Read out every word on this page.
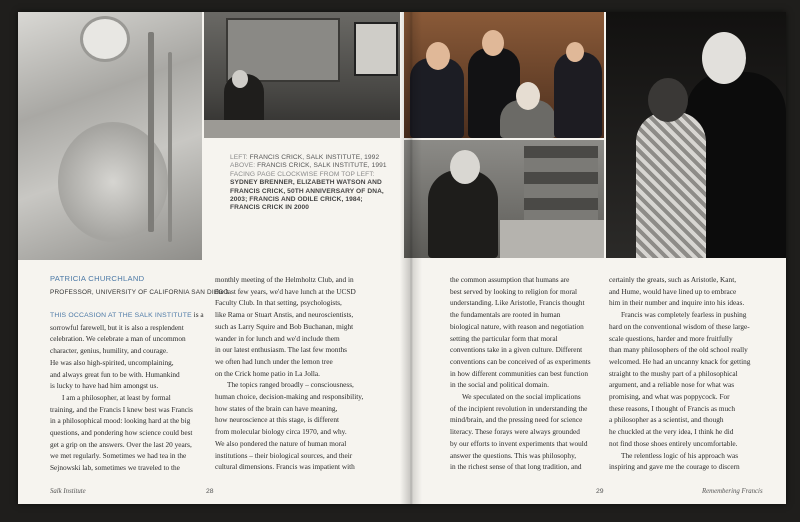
LEFT: FRANCIS CRICK, SALK INSTITUTE, 1992
ABOVE: FRANCIS CRICK, SALK INSTITUTE, 1991
FACING PAGE CLOCKWISE FROM TOP LEFT:
SYDNEY BRENNER, ELIZABETH WATSON AND
FRANCIS CRICK, 50TH ANNIVERSARY OF DNA,
2003; FRANCIS AND ODILE CRICK, 1984;
FRANCIS CRICK IN 2000
PATRICIA CHURCHLAND
PROFESSOR, UNIVERSITY OF CALIFORNIA SAN DIEGO

THIS OCCASION AT THE SALK INSTITUTE is a

sorrowful farewell, but it is also a resplendent

celebration. We celebrate a man of uncommon

character, genius, humility, and courage.

He was also high-spirited, uncomplaining,

and always great fun to be with. Humankind

is lucky to have had him amongst us.

I am a philosopher, at least by formal

training, and the Francis I knew best was Francis

in a philosophical mood: looking hard at the big

questions, and pondering how science could best

get a grip on the answers. Over the last 20 years,

we met regularly. Sometimes we had tea in the

Sejnowski lab, sometimes we traveled to the

monthly meeting of the Helmholtz Club, and in

the last few years, we'd have lunch at the UCSD

Faculty Club. In that setting, psychologists,

like Rama or Stuart Anstis, and neuroscientists,

such as Larry Squire and Bob Buchanan, might

wander in for lunch and we'd include them

in our latest enthusiasm. The last few months

we often had lunch under the lemon tree

on the Crick home patio in La Jolla.

The topics ranged broadly – consciousness,

human choice, decision-making and responsibility,

how states of the brain can have meaning,

how neuroscience at this stage, is different

from molecular biology circa 1970, and why.

We also pondered the nature of human moral

institutions – their biological sources, and their

cultural dimensions. Francis was impatient with

the common assumption that humans are

best served by looking to religion for moral

understanding. Like Aristotle, Francis thought

the fundamentals are rooted in human

biological nature, with reason and negotiation

setting the particular form that moral

conventions take in a given culture. Different

conventions can be conceived of as experiments

in how different communities can best function

in the social and political domain.

We speculated on the social implications

of the incipient revolution in understanding the

mind/brain, and the pressing need for science

literacy. These forays were always grounded

by our efforts to invent experiments that would

answer the questions. This was philosophy,

in the richest sense of that long tradition, and

certainly the greats, such as Aristotle, Kant,

and Hume, would have lined up to embrace

him in their number and inquire into his ideas.

Francis was completely fearless in pushing

hard on the conventional wisdom of these large-

scale questions, harder and more fruitfully

than many philosophers of the old school really

welcomed. He had an uncanny knack for getting

straight to the mushy part of a philosophical

argument, and a reliable nose for what was

promising, and what was poppycock. For

these reasons, I thought of Francis as much

a philosopher as a scientist, and though

he chuckled at the very idea, I think he did

not find those shoes entirely uncomfortable.

The relentless logic of his approach was

inspiring and gave me the courage to discern

Salk Institute	28	29	Remembering Francis
